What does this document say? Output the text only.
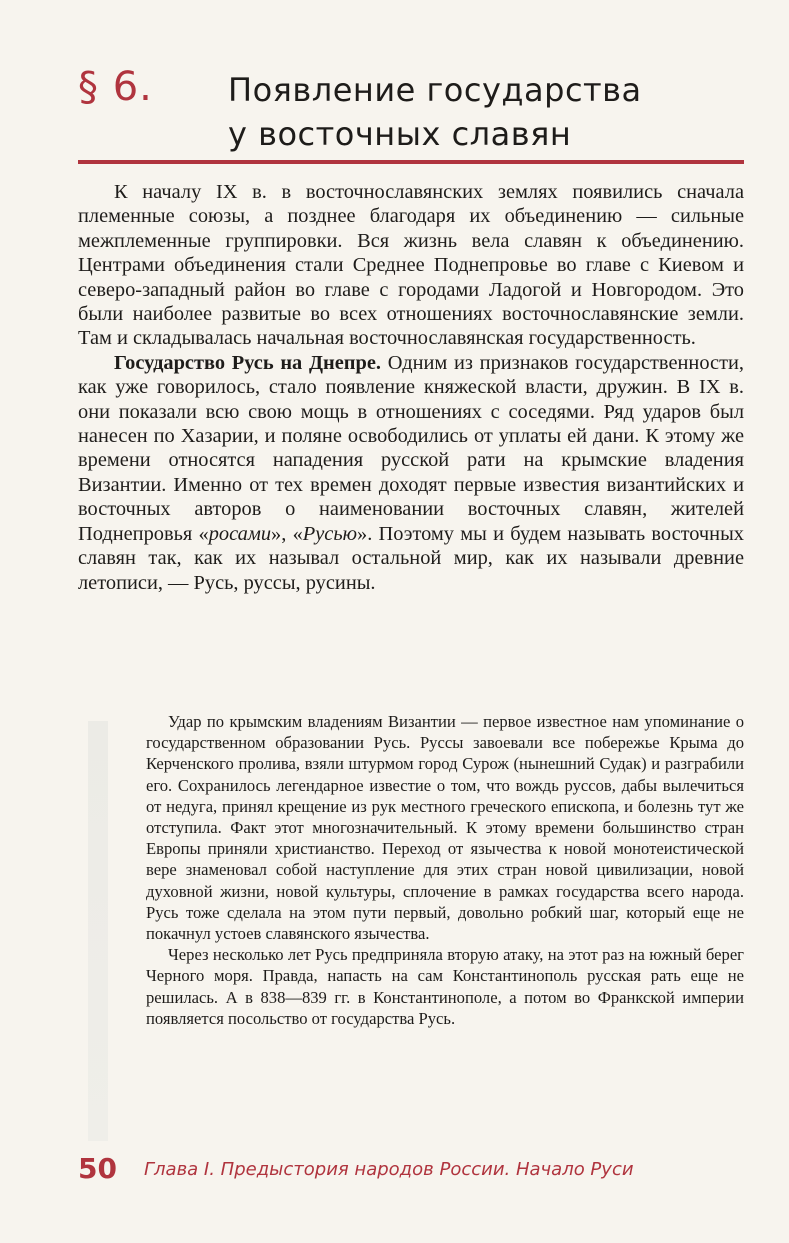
§ 6. Появление государства
у восточных славян

К началу IX в. в восточнославянских землях появились сначала племенные союзы, а позднее благодаря их объединению — сильные межплеменные группировки. Вся жизнь вела славян к объединению. Центрами объединения стали Среднее Поднепровье во главе с Киевом и северо-западный район во главе с городами Ладогой и Новгородом. Это были наиболее развитые во всех отношениях восточнославянские земли. Там и складывалась начальная восточнославянская государственность.

Государство Русь на Днепре. Одним из признаков государственности, как уже говорилось, стало появление княжеской власти, дружин. В IX в. они показали всю свою мощь в отношениях с соседями. Ряд ударов был нанесен по Хазарии, и поляне освободились от уплаты ей дани. К этому же времени относятся нападения русской рати на крымские владения Византии. Именно от тех времен доходят первые известия византийских и восточных авторов о наименовании восточных славян, жителей Поднепровья «росами», «Русью». Поэтому мы и будем называть восточных славян так, как их называл остальной мир, как их называли древние летописи, — Русь, руссы, русины.

Удар по крымским владениям Византии — первое известное нам упоминание о государственном образовании Русь. Руссы завоевали все побережье Крыма до Керченского пролива, взяли штурмом город Сурож (нынешний Судак) и разграбили его. Сохранилось легендарное известие о том, что вождь руссов, дабы вылечиться от недуга, принял крещение из рук местного греческого епископа, и болезнь тут же отступила. Факт этот многозначительный. К этому времени большинство стран Европы приняли христианство. Переход от язычества к новой монотеистической вере знаменовал собой наступление для этих стран новой цивилизации, новой духовной жизни, новой культуры, сплочение в рамках государства всего народа. Русь тоже сделала на этом пути первый, довольно робкий шаг, который еще не покачнул устоев славянского язычества.

Через несколько лет Русь предприняла вторую атаку, на этот раз на южный берег Черного моря. Правда, напасть на сам Константинополь русская рать еще не решилась. А в 838—839 гг. в Константинополе, а потом во Франкской империи появляется посольство от государства Русь.

50 Глава I. Предыстория народов России. Начало Руси
